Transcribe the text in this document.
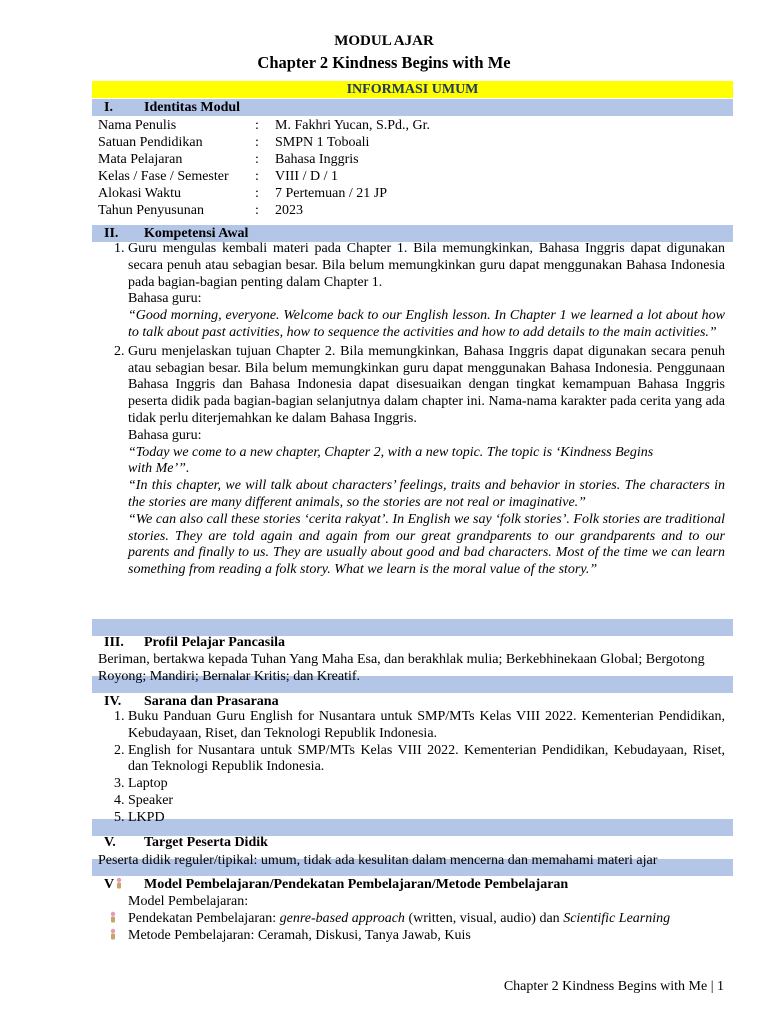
MODUL AJAR
Chapter 2 Kindness Begins with Me
INFORMASI UMUM
I. Identitas Modul
Nama Penulis	: M. Fakhri Yucan, S.Pd., Gr.
Satuan Pendidikan	: SMPN 1 Toboali
Mata Pelajaran	: Bahasa Inggris
Kelas / Fase / Semester : VIII / D / 1
Alokasi Waktu	: 7 Pertemuan / 21 JP
Tahun Penyusunan	: 2023
II. Kompetensi Awal
1. Guru mengulas kembali materi pada Chapter 1. Bila memungkinkan, Bahasa Inggris dapat digunakan secara penuh atau sebagian besar. Bila belum memungkinkan guru dapat menggunakan Bahasa Indonesia pada bagian-bagian penting dalam Chapter 1.

Bahasa guru:

“Good morning, everyone. Welcome back to our English lesson. In Chapter 1 we learned a lot about how to talk about past activities, how to sequence the activities and how to add details to the main activities.”

2. Guru menjelaskan tujuan Chapter 2. Bila memungkinkan, Bahasa Inggris dapat digunakan secara penuh atau sebagian besar. Bila belum memungkinkan guru dapat menggunakan Bahasa Indonesia. Penggunaan Bahasa Inggris dan Bahasa Indonesia dapat disesuaikan dengan tingkat kemampuan Bahasa Inggris peserta didik pada bagian-bagian selanjutnya dalam chapter ini. Nama-nama karakter pada cerita yang ada tidak perlu diterjemahkan ke dalam Bahasa Inggris.

Bahasa guru:

“Today we come to a new chapter, Chapter 2, with a new topic. The topic is ‘Kindness Begins

with Me’”.

“In this chapter, we will talk about characters’ feelings, traits and behavior in stories. The characters in the stories are many different animals, so the stories are not real or imaginative.”

“We can also call these stories ‘cerita rakyat’. In English we say ‘folk stories’. Folk stories are traditional stories. They are told again and again from our great grandparents to our grandparents and to our parents and finally to us. They are usually about good and bad characters. Most of the time we can learn something from reading a folk story. What we learn is the moral value of the story.”

III. Profil Pelajar Pancasila
Beriman, bertakwa kepada Tuhan Yang Maha Esa, dan berakhlak mulia; Berkebhinekaan Global; Bergotong Royong; Mandiri; Bernalar Kritis; dan Kreatif.
IV. Sarana dan Prasarana
1. Buku Panduan Guru English for Nusantara untuk SMP/MTs Kelas VIII 2022. Kementerian Pendidikan, Kebudayaan, Riset, dan Teknologi Republik Indonesia.
2. English for Nusantara untuk SMP/MTs Kelas VIII 2022. Kementerian Pendidikan, Kebudayaan, Riset, dan Teknologi Republik Indonesia.
3. Laptop
4. Speaker
5. LKPD
V. Target Peserta Didik
Peserta didik reguler/tipikal: umum, tidak ada kesulitan dalam mencerna dan memahami materi ajar
V Model Pembelajaran/Pendekatan Pembelajaran/Metode Pembelajaran
Model Pembelajaran:
Pendekatan Pembelajaran: genre-based approach (written, visual, audio) dan Scientific Learning
Metode Pembelajaran: Ceramah, Diskusi, Tanya Jawab, Kuis
Chapter 2 Kindness Begins with Me | 1
